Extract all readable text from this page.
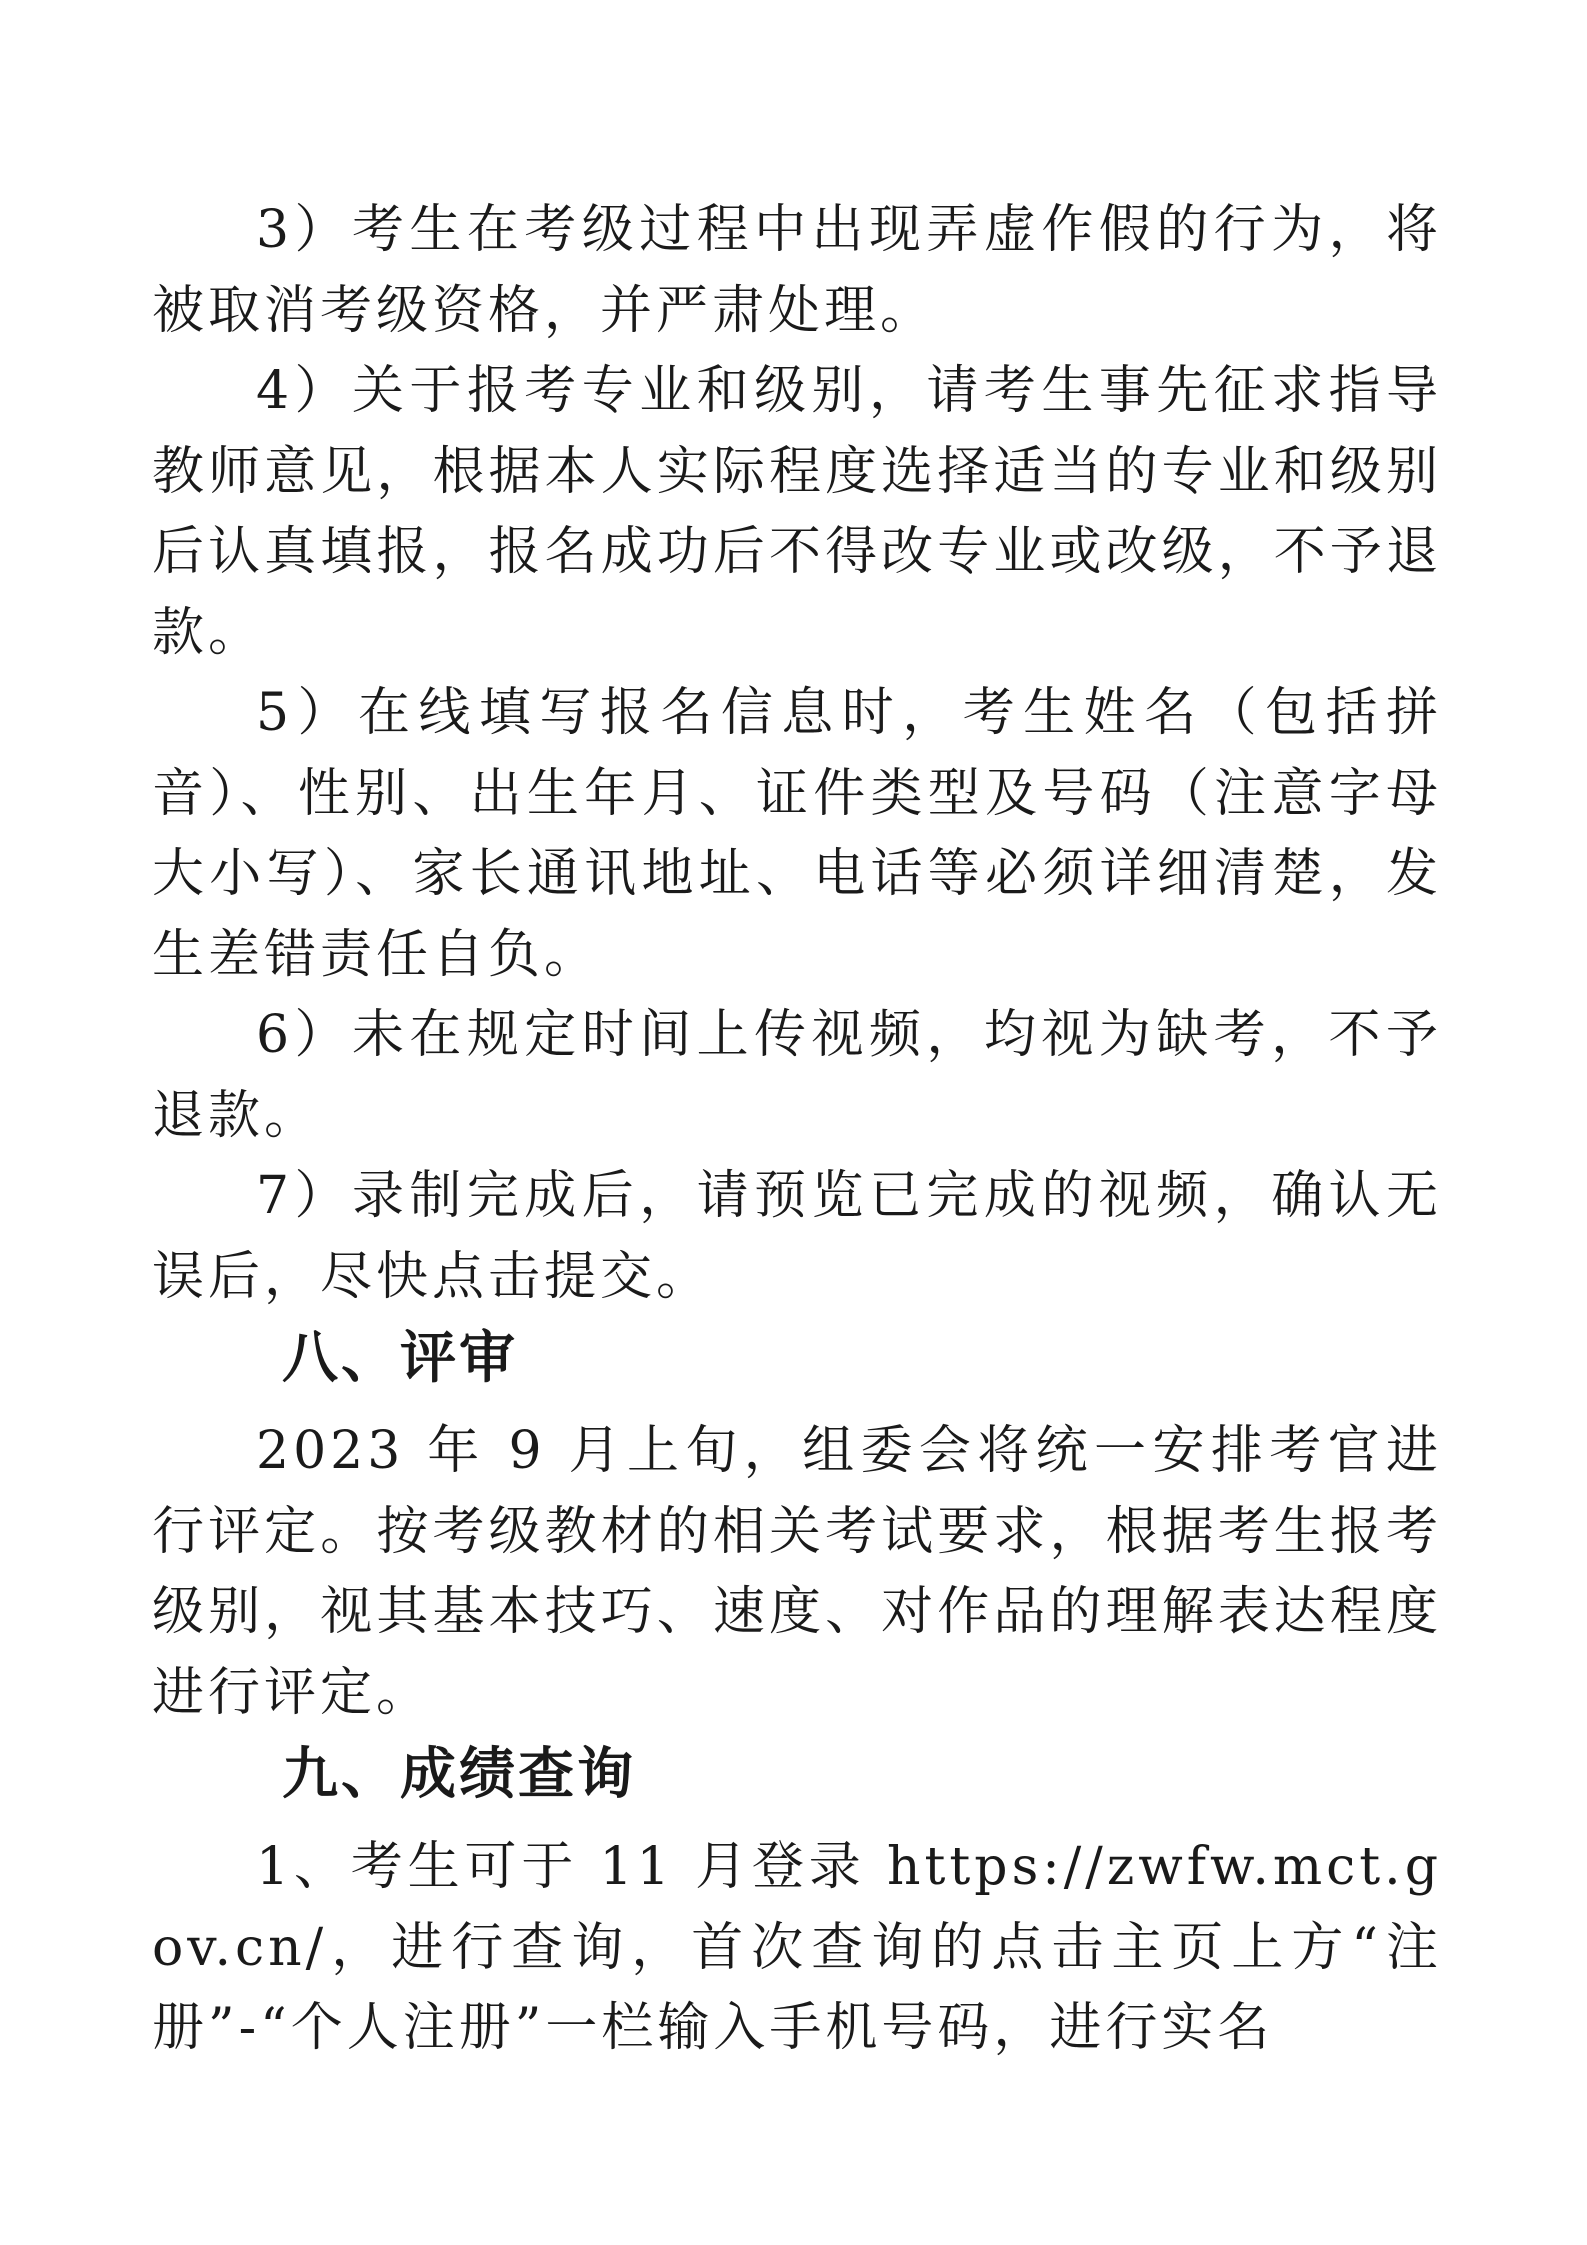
3）考生在考级过程中出现弄虚作假的行为，将被取消考级资格，并严肃处理。

4）关于报考专业和级别，请考生事先征求指导教师意见，根据本人实际程度选择适当的专业和级别后认真填报，报名成功后不得改专业或改级，不予退款。

5）在线填写报名信息时，考生姓名（包括拼音）、性别、出生年月、证件类型及号码（注意字母大小写）、家长通讯地址、电话等必须详细清楚，发生差错责任自负。

6）未在规定时间上传视频，均视为缺考，不予退款。

7）录制完成后，请预览已完成的视频，确认无误后，尽快点击提交。

八、评审

2023 年 9 月上旬，组委会将统一安排考官进行评定。按考级教材的相关考试要求，根据考生报考级别，视其基本技巧、速度、对作品的理解表达程度进行评定。

九、成绩查询

1、考生可于 11 月登录 https://zwfw.mct.gov.cn/，进行查询，首次查询的点击主页上方“注册”-“个人注册”一栏输入手机号码，进行实名
